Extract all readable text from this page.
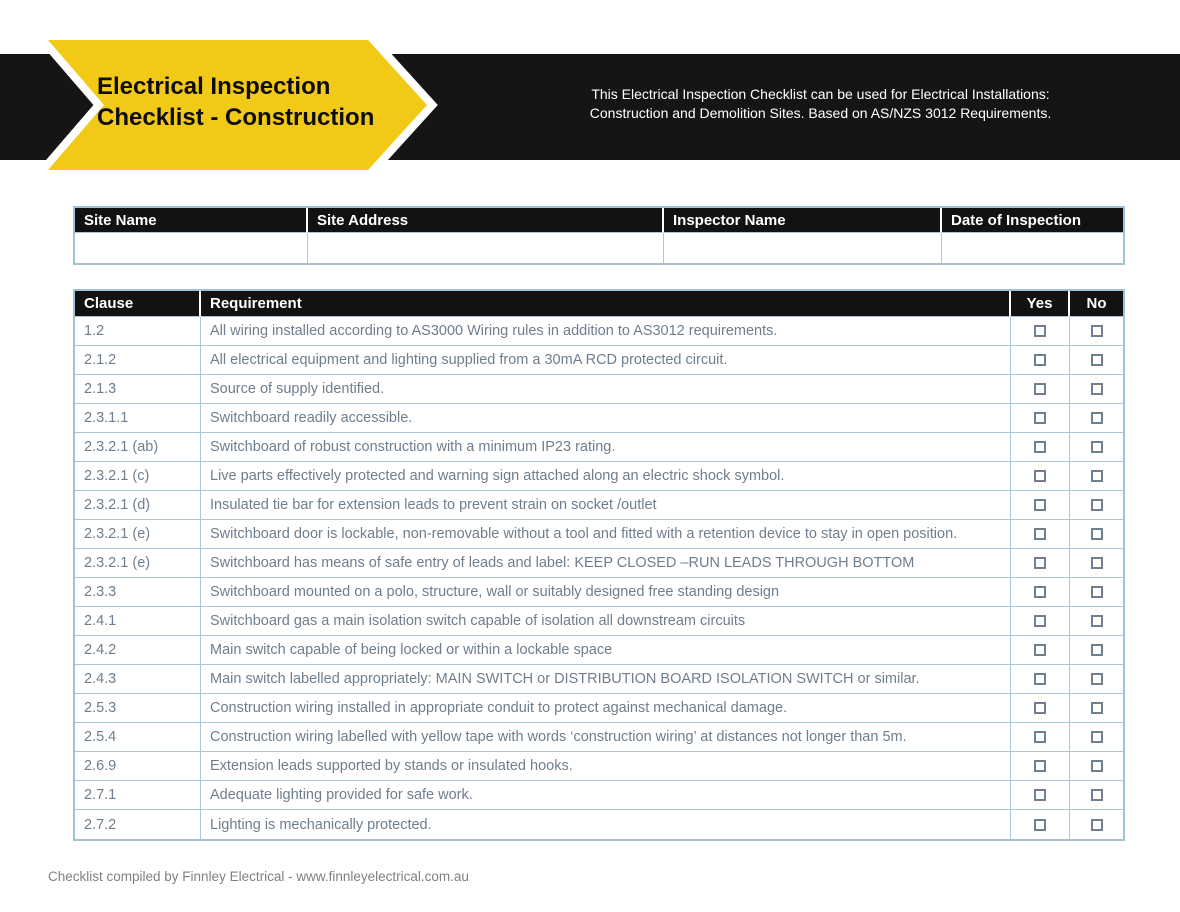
Electrical Inspection
Checklist - Construction
This Electrical Inspection Checklist can be used for Electrical Installations:
Construction and Demolition Sites. Based on AS/NZS 3012 Requirements.
Site Name	Site Address	Inspector Name	Date of Inspection

Clause	Requirement	Yes	No
1.2	All wiring installed according to AS3000 Wiring rules in addition to AS3012 requirements.		
2.1.2	All electrical equipment and lighting supplied from a 30mA RCD protected circuit.		
2.1.3	Source of supply identified.		
2.3.1.1	Switchboard readily accessible.		
2.3.2.1 (ab)	Switchboard of robust construction with a minimum IP23 rating.		
2.3.2.1 (c)	Live parts effectively protected and warning sign attached along an electric shock symbol.		
2.3.2.1 (d)	Insulated tie bar for extension leads to prevent strain on socket /outlet		
2.3.2.1 (e)	Switchboard door is lockable, non-removable without a tool and fitted with a retention device to stay in open position.		
2.3.2.1 (e)	Switchboard has means of safe entry of leads and label: KEEP CLOSED –RUN LEADS THROUGH BOTTOM		
2.3.3	Switchboard mounted on a polo, structure, wall or suitably designed free standing design		
2.4.1	Switchboard gas a main isolation switch capable of isolation all downstream circuits		
2.4.2	Main switch capable of being locked or within a lockable space		
2.4.3	Main switch labelled appropriately: MAIN SWITCH or DISTRIBUTION BOARD ISOLATION SWITCH or similar.		
2.5.3	Construction wiring installed in appropriate conduit to protect against mechanical damage.		
2.5.4	Construction wiring labelled with yellow tape with words ‘construction wiring’ at distances not longer than 5m.		
2.6.9	Extension leads supported by stands or insulated hooks.		
2.7.1	Adequate lighting provided for safe work.		
2.7.2	Lighting is mechanically protected.		
Checklist compiled by Finnley Electrical - www.finnleyelectrical.com.au
